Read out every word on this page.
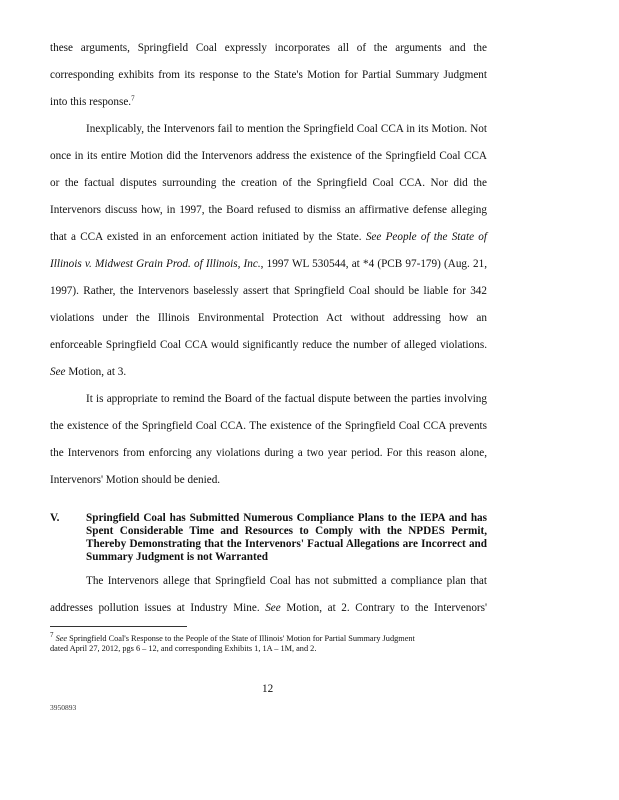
these arguments, Springfield Coal expressly incorporates all of the arguments and the
corresponding exhibits from its response to the State's Motion for Partial Summary Judgment
into this response.$^7$
Inexplicably, the Intervenors fail to mention the Springfield Coal CCA in its Motion. Not
once in its entire Motion did the Intervenors address the existence of the Springfield Coal CCA
or the factual disputes surrounding the creation of the Springfield Coal CCA. Nor did the
Intervenors discuss how, in 1997, the Board refused to dismiss an affirmative defense alleging
that a CCA existed in an enforcement action initiated by the State. See People of the State of
Illinois v. Midwest Grain Prod. of Illinois, Inc., 1997 WL 530544, at *4 (PCB 97-179) (Aug. 21,
1997). Rather, the Intervenors baselessly assert that Springfield Coal should be liable for 342
violations under the Illinois Environmental Protection Act without addressing how an
enforceable Springfield Coal CCA would significantly reduce the number of alleged violations.
See Motion, at 3.
It is appropriate to remind the Board of the factual dispute between the parties involving
the existence of the Springfield Coal CCA. The existence of the Springfield Coal CCA prevents
the Intervenors from enforcing any violations during a two year period. For this reason alone,
Intervenors' Motion should be denied.
V. Springfield Coal has Submitted Numerous Compliance Plans to the IEPA and has
Spent Considerable Time and Resources to Comply with the NPDES Permit,
Thereby Demonstrating that the Intervenors' Factual Allegations are Incorrect and
Summary Judgment is not Warranted
The Intervenors allege that Springfield Coal has not submitted a compliance plan that
addresses pollution issues at Industry Mine. See Motion, at 2. Contrary to the Intervenors'
$^7$ See Springfield Coal's Response to the People of the State of Illinois' Motion for Partial Summary Judgment
dated April 27, 2012, pgs 6 – 12, and corresponding Exhibits 1, 1A – 1M, and 2.
12
3950893
